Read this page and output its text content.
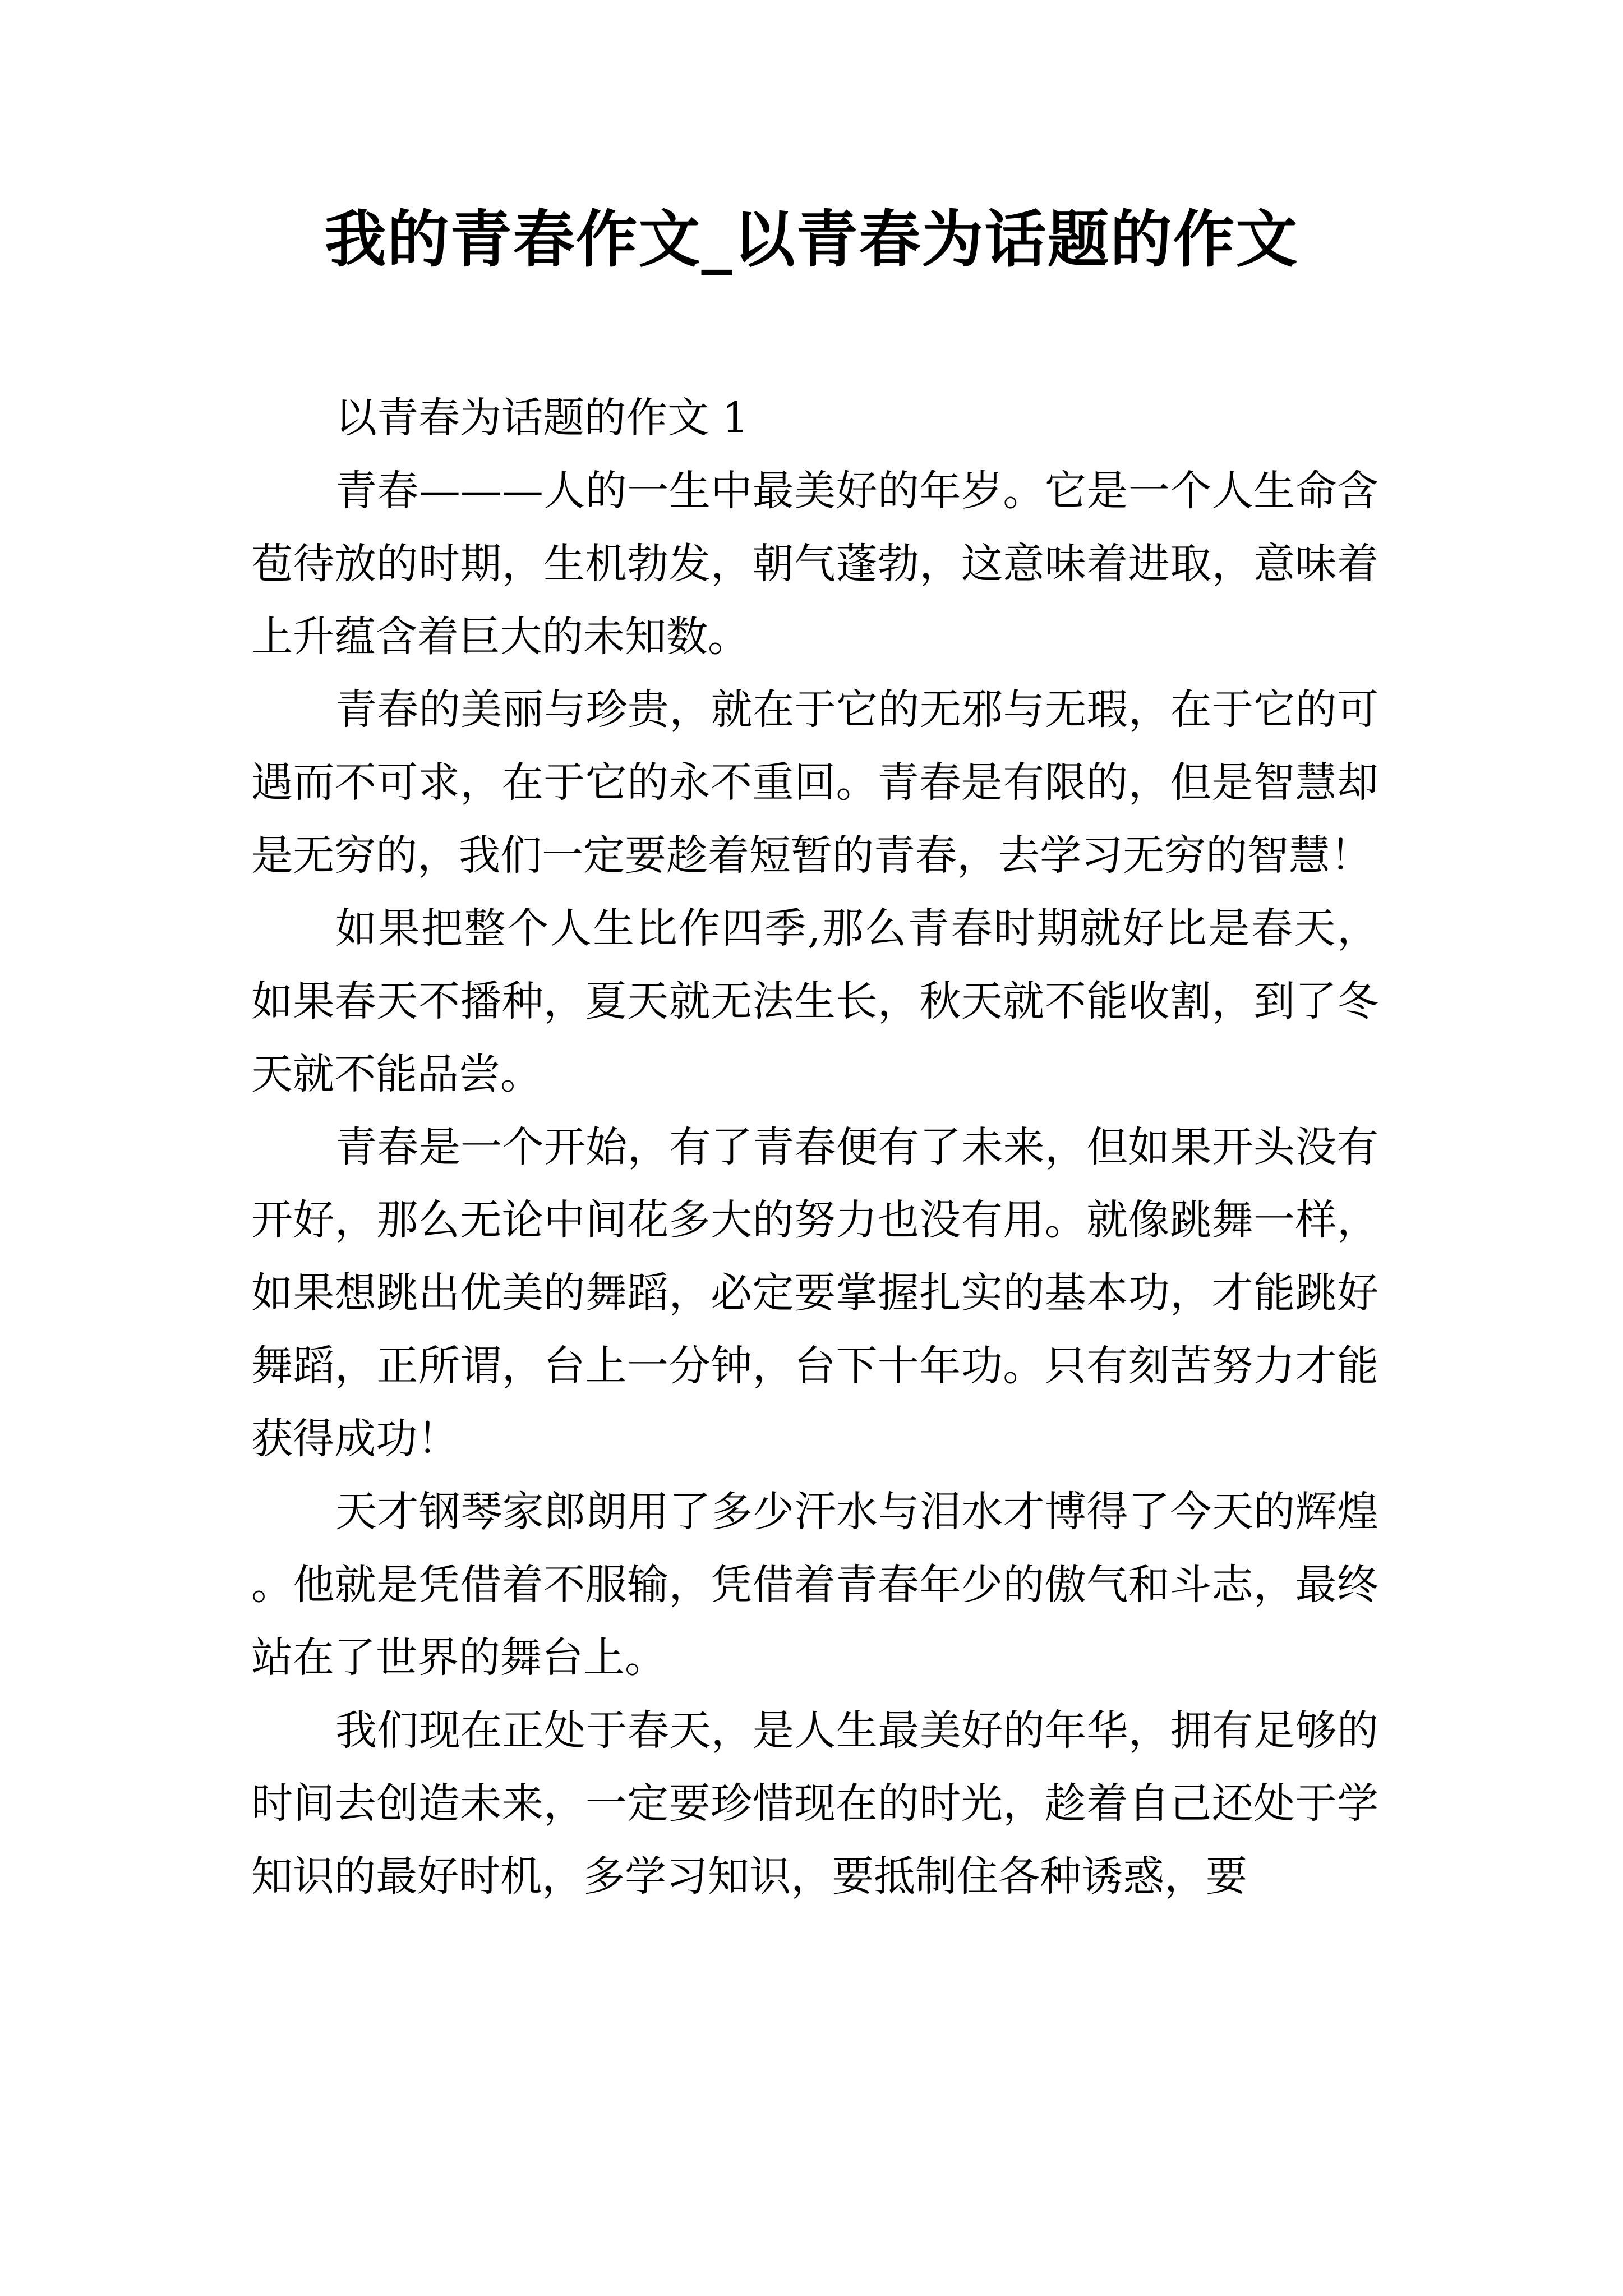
我的青春作文_以青春为话题的作文

以青春为话题的作文 1

青春———人的一生中最美好的年岁。它是一个人生命含苞待放的时期，生机勃发，朝气蓬勃，这意味着进取，意味着上升蕴含着巨大的未知数。

青春的美丽与珍贵，就在于它的无邪与无瑕，在于它的可遇而不可求，在于它的永不重回。青春是有限的，但是智慧却是无穷的，我们一定要趁着短暂的青春，去学习无穷的智慧！

如果把整个人生比作四季,那么青春时期就好比是春天，如果春天不播种，夏天就无法生长，秋天就不能收割，到了冬天就不能品尝。

青春是一个开始，有了青春便有了未来，但如果开头没有开好，那么无论中间花多大的努力也没有用。就像跳舞一样，如果想跳出优美的舞蹈，必定要掌握扎实的基本功，才能跳好舞蹈，正所谓，台上一分钟，台下十年功。只有刻苦努力才能获得成功！

天才钢琴家郎朗用了多少汗水与泪水才博得了今天的辉煌。他就是凭借着不服输，凭借着青春年少的傲气和斗志，最终站在了世界的舞台上。

我们现在正处于春天，是人生最美好的年华，拥有足够的时间去创造未来，一定要珍惜现在的时光，趁着自己还处于学知识的最好时机，多学习知识，要抵制住各种诱惑，要
